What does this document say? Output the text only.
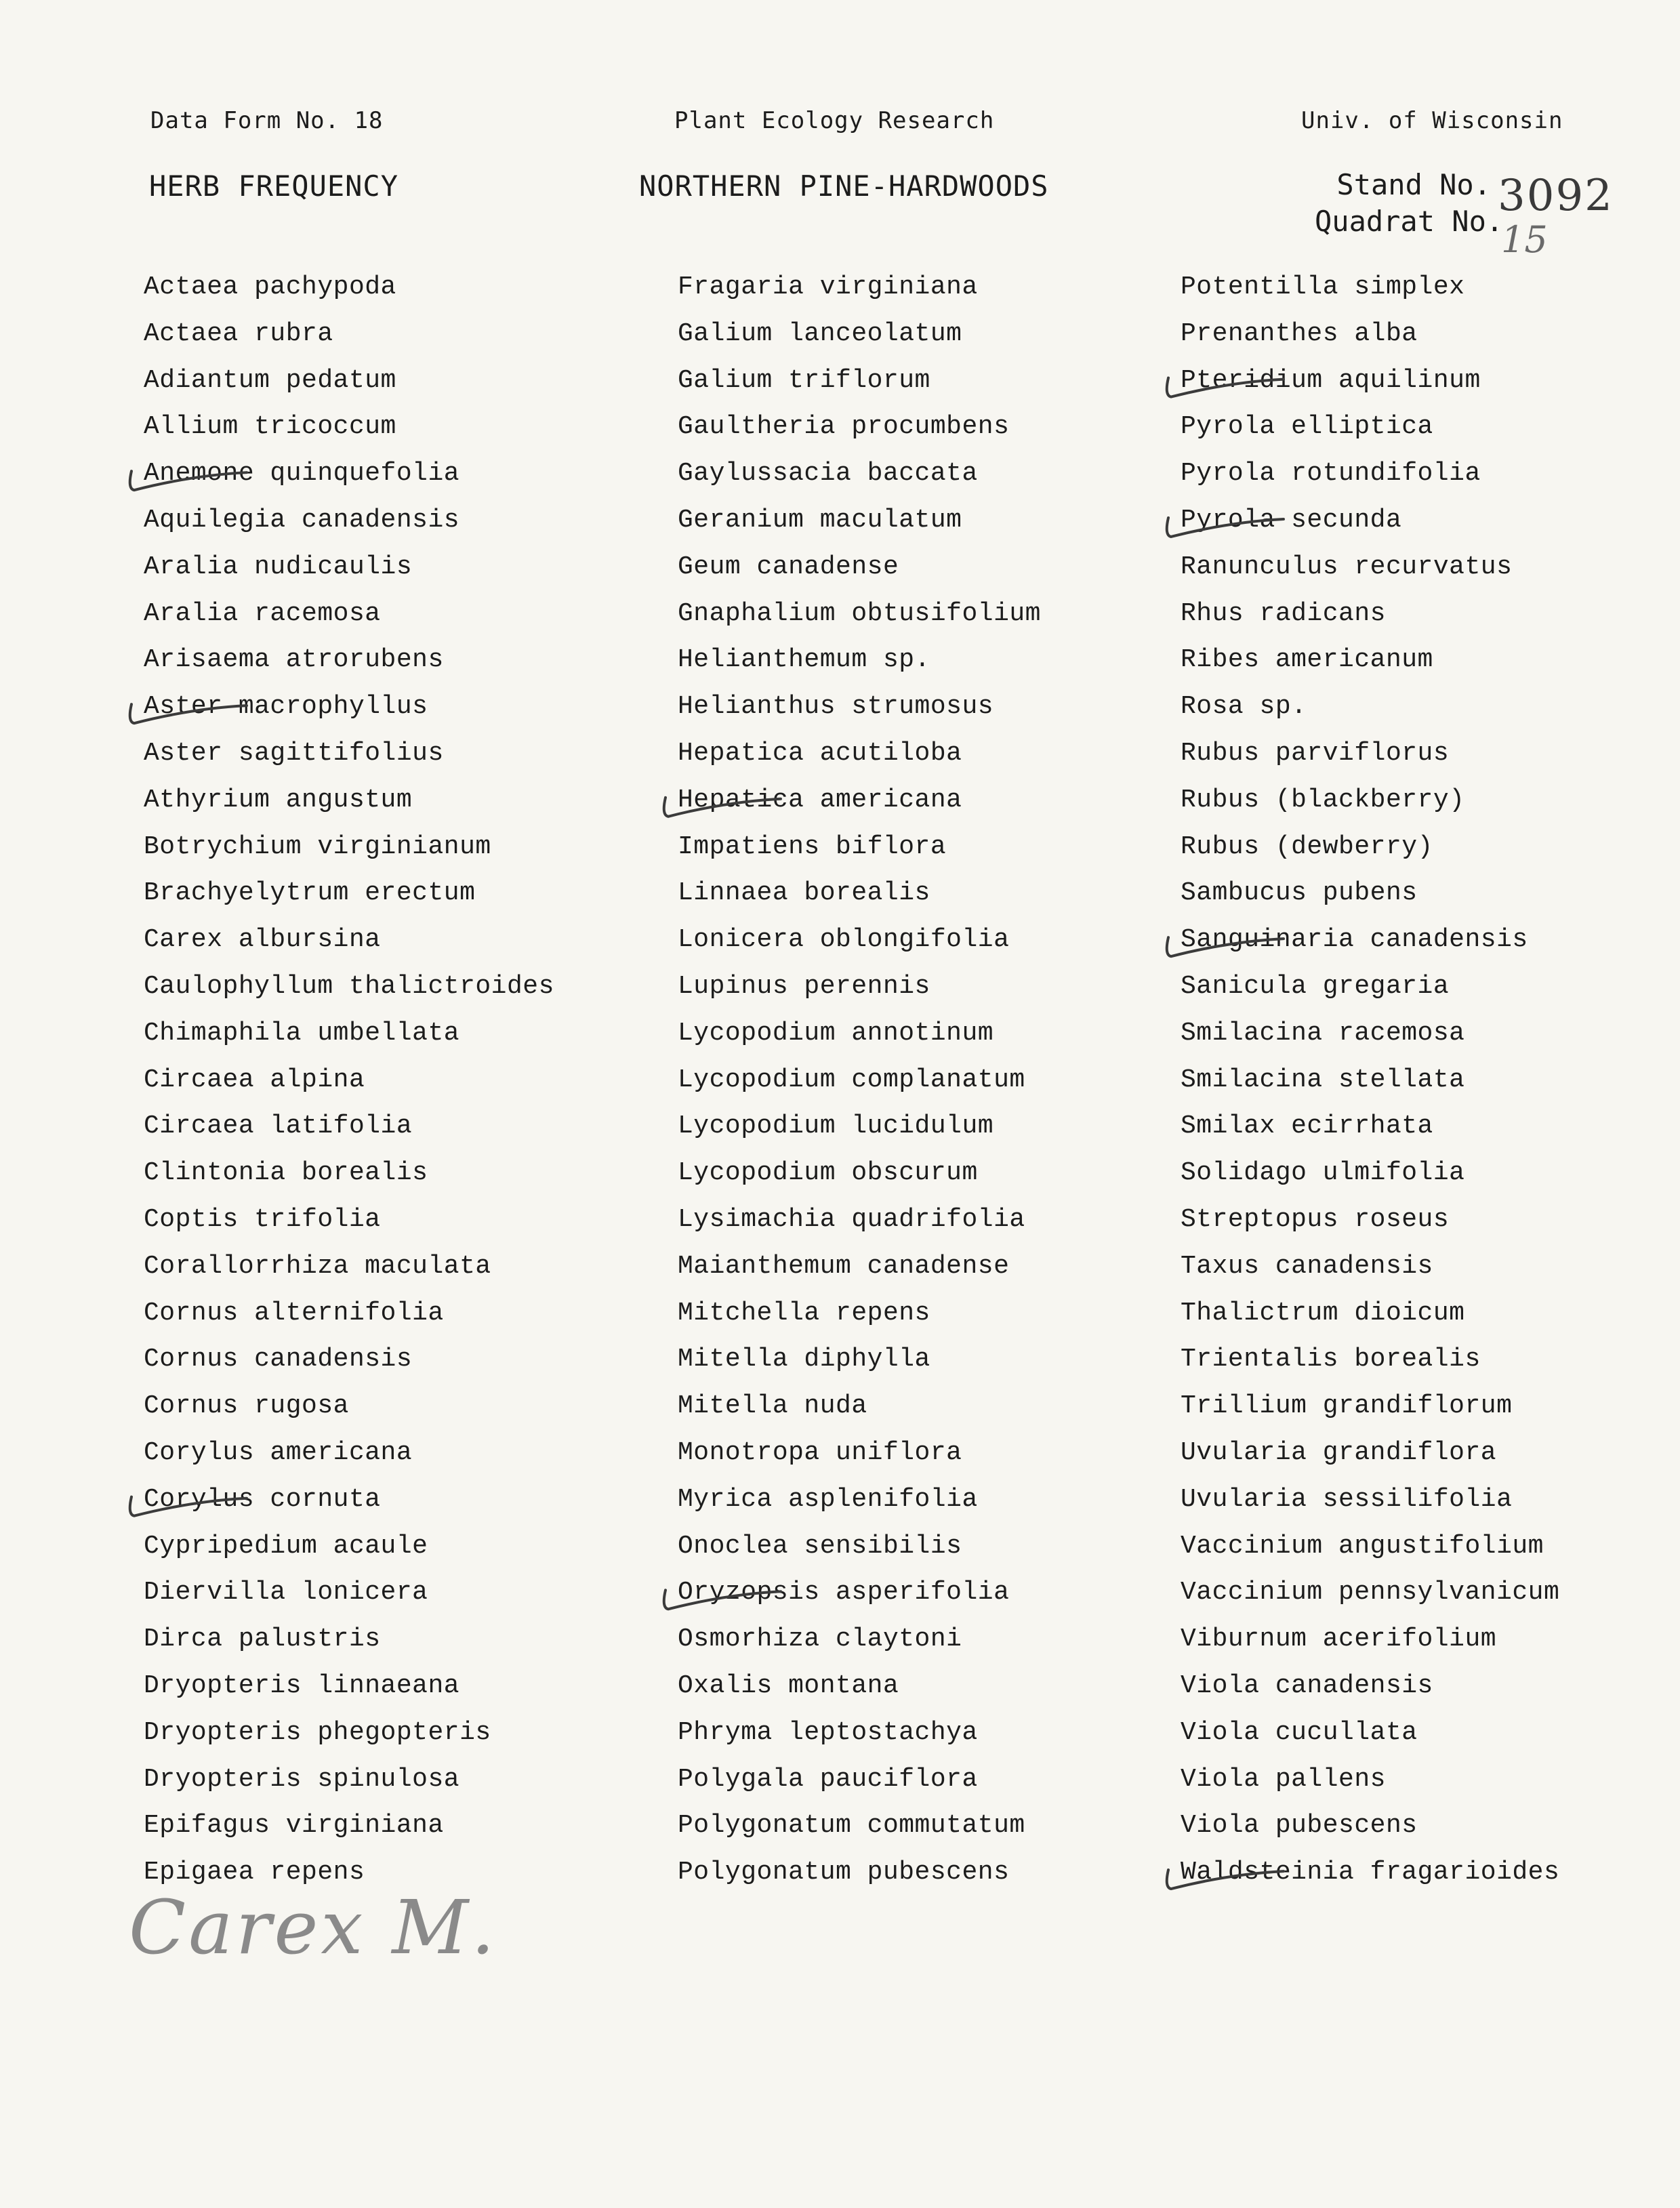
Data Form No. 18	Plant Ecology Research	Univ. of Wisconsin
HERB FREQUENCY	NORTHERN PINE-HARDWOODS	Stand No.
Quadrat No.
3092
15
Actaea pachypoda
Actaea rubra
Adiantum pedatum
Allium tricoccum
Anemone quinquefolia
Aquilegia canadensis
Aralia nudicaulis
Aralia racemosa
Arisaema atrorubens
Aster macrophyllus
Aster sagittifolius
Athyrium angustum
Botrychium virginianum
Brachyelytrum erectum
Carex albursina
Caulophyllum thalictroides
Chimaphila umbellata
Circaea alpina
Circaea latifolia
Clintonia borealis
Coptis trifolia
Corallorrhiza maculata
Cornus alternifolia
Cornus canadensis
Cornus rugosa
Corylus americana
Corylus cornuta
Cypripedium acaule
Diervilla lonicera
Dirca palustris
Dryopteris linnaeana
Dryopteris phegopteris
Dryopteris spinulosa
Epifagus virginiana
Epigaea repens
Fragaria virginiana
Galium lanceolatum
Galium triflorum
Gaultheria procumbens
Gaylussacia baccata
Geranium maculatum
Geum canadense
Gnaphalium obtusifolium
Helianthemum sp.
Helianthus strumosus
Hepatica acutiloba
Hepatica americana
Impatiens biflora
Linnaea borealis
Lonicera oblongifolia
Lupinus perennis
Lycopodium annotinum
Lycopodium complanatum
Lycopodium lucidulum
Lycopodium obscurum
Lysimachia quadrifolia
Maianthemum canadense
Mitchella repens
Mitella diphylla
Mitella nuda
Monotropa uniflora
Myrica asplenifolia
Onoclea sensibilis
Oryzopsis asperifolia
Osmorhiza claytoni
Oxalis montana
Phryma leptostachya
Polygala pauciflora
Polygonatum commutatum
Polygonatum pubescens
Potentilla simplex
Prenanthes alba
Pteridium aquilinum
Pyrola elliptica
Pyrola rotundifolia
Pyrola secunda
Ranunculus recurvatus
Rhus radicans
Ribes americanum
Rosa sp.
Rubus parviflorus
Rubus (blackberry)
Rubus (dewberry)
Sambucus pubens
Sanguinaria canadensis
Sanicula gregaria
Smilacina racemosa
Smilacina stellata
Smilax ecirrhata
Solidago ulmifolia
Streptopus roseus
Taxus canadensis
Thalictrum dioicum
Trientalis borealis
Trillium grandiflorum
Uvularia grandiflora
Uvularia sessilifolia
Vaccinium angustifolium
Vaccinium pennsylvanicum
Viburnum acerifolium
Viola canadensis
Viola cucullata
Viola pallens
Viola pubescens
Waldsteinia fragarioides
Carex M.
